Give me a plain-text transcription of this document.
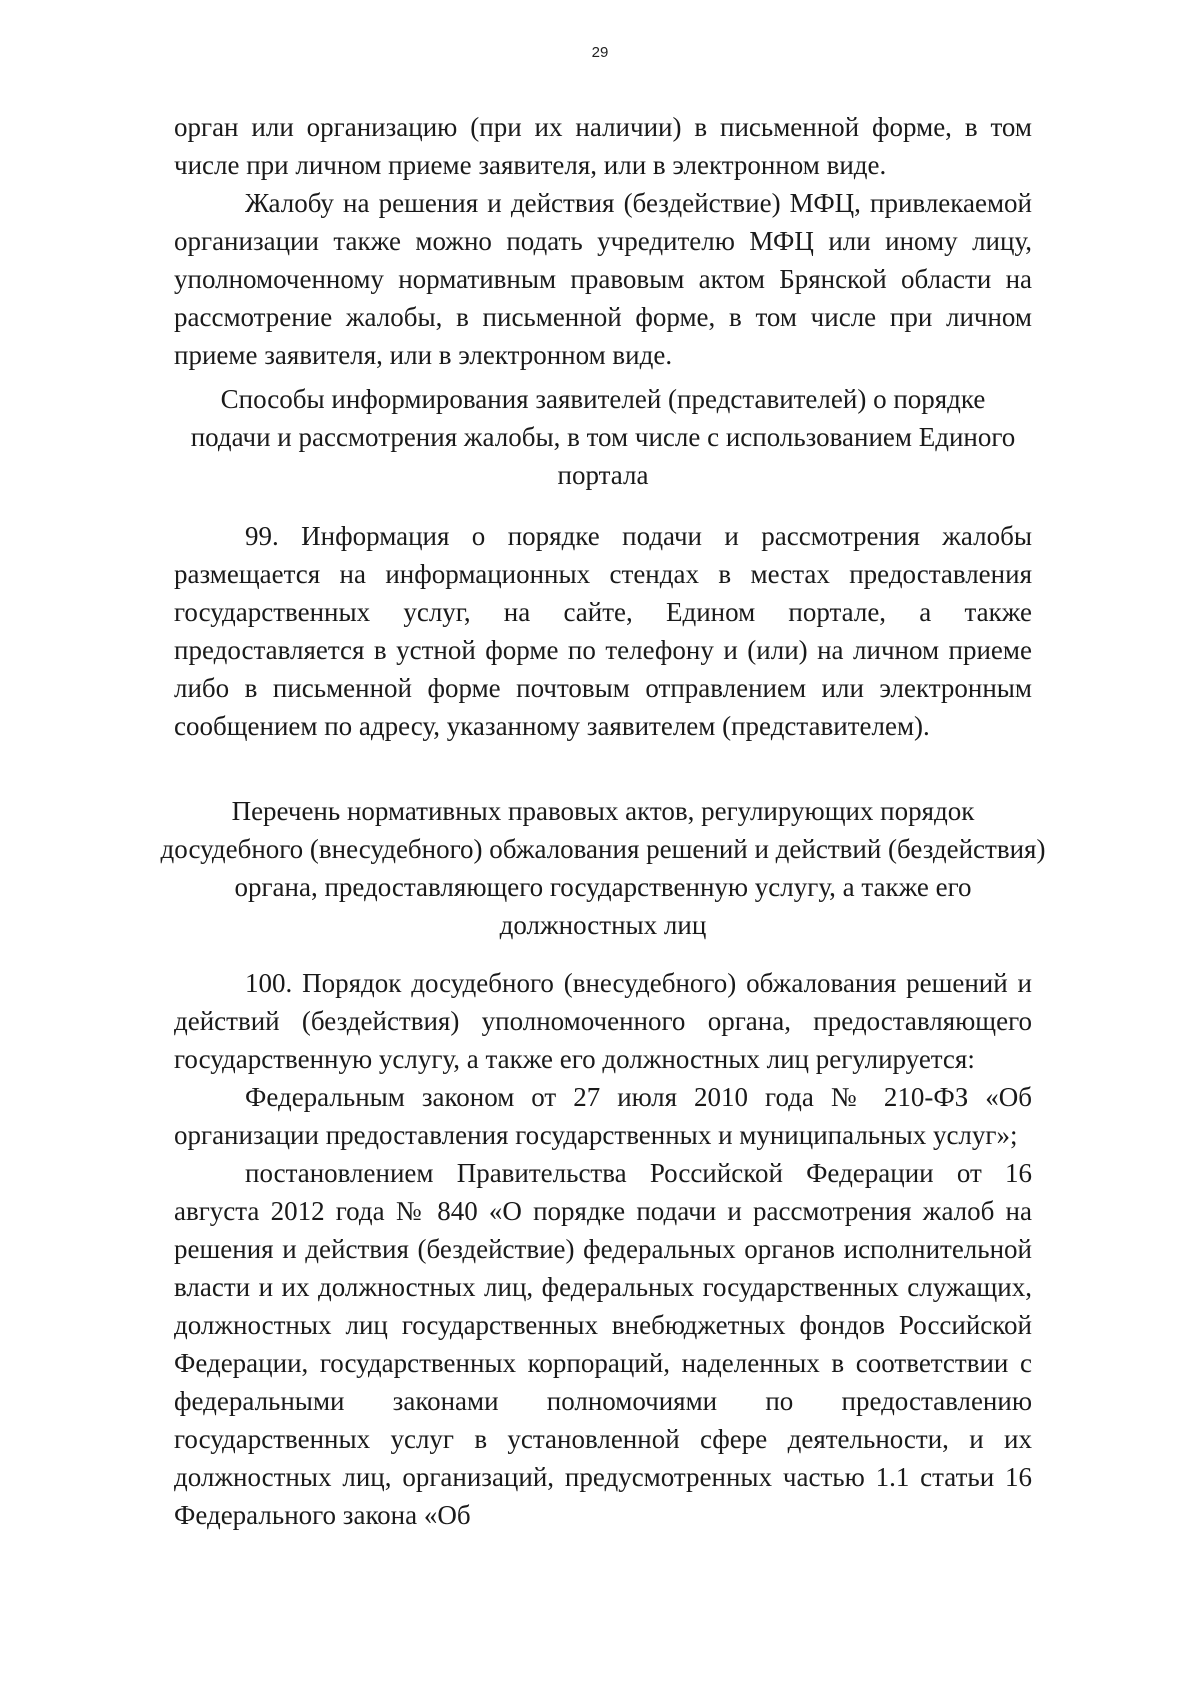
29

орган или организацию (при их наличии) в письменной форме, в том числе при личном приеме заявителя, или в электронном виде.

Жалобу на решения и действия (бездействие) МФЦ, привлекаемой организации также можно подать учредителю МФЦ или иному лицу, уполномоченному нормативным правовым актом Брянской области на рассмотрение жалобы, в письменной форме, в том числе при личном приеме заявителя, или в электронном виде.

Способы информирования заявителей (представителей) о порядке
подачи и рассмотрения жалобы, в том числе с использованием Единого
портала

99. Информация о порядке подачи и рассмотрения жалобы размещается на информационных стендах в местах предоставления государственных услуг, на сайте, Едином портале, а также предоставляется в устной форме по телефону и (или) на личном приеме либо в письменной форме почтовым отправлением или электронным сообщением по адресу, указанному заявителем (представителем).

Перечень нормативных правовых актов, регулирующих порядок
досудебного (внесудебного) обжалования решений и действий (бездействия)
органа, предоставляющего государственную услугу, а также его
должностных лиц

100. Порядок досудебного (внесудебного) обжалования решений и действий (бездействия) уполномоченного органа, предоставляющего государственную услугу, а также его должностных лиц регулируется:

Федеральным законом от 27 июля 2010 года № 210-ФЗ «Об организации предоставления государственных и муниципальных услуг»;

постановлением Правительства Российской Федерации от 16 августа 2012 года № 840 «О порядке подачи и рассмотрения жалоб на решения и действия (бездействие) федеральных органов исполнительной власти и их должностных лиц, федеральных государственных служащих, должностных лиц государственных внебюджетных фондов Российской Федерации, государственных корпораций, наделенных в соответствии с федеральными законами полномочиями по предоставлению государственных услуг в установленной сфере деятельности, и их должностных лиц, организаций, предусмотренных частью 1.1 статьи 16 Федерального закона «Об
